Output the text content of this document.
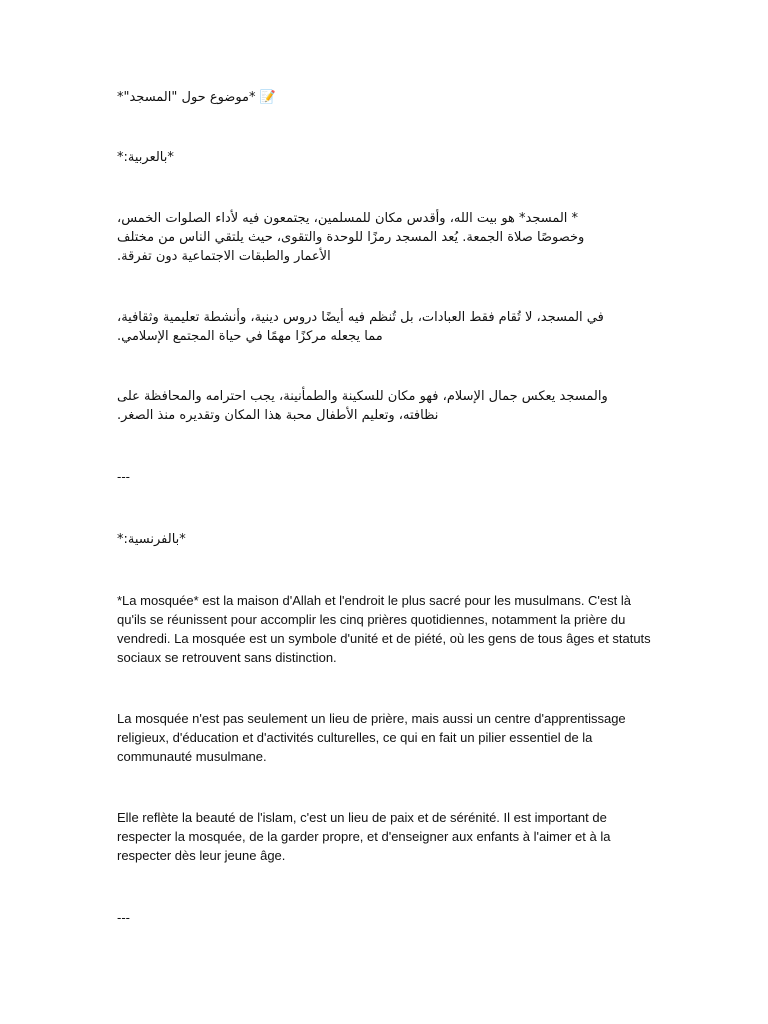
📝 *موضوع حول "المسجد"*
*بالعربية:*
* المسجد* هو بيت الله، وأقدس مكان للمسلمين، يجتمعون فيه لأداء الصلوات الخمس،
وخصوصًا صلاة الجمعة. يُعد المسجد رمزًا للوحدة والتقوى، حيث يلتقي الناس من مختلف
الأعمار والطبقات الاجتماعية دون تفرقة.
في المسجد، لا تُقام فقط العبادات، بل تُنظم فيه أيضًا دروس دينية، وأنشطة تعليمية وثقافية،
مما يجعله مركزًا مهمًا في حياة المجتمع الإسلامي.
والمسجد يعكس جمال الإسلام، فهو مكان للسكينة والطمأنينة، يجب احترامه والمحافظة على
نظافته، وتعليم الأطفال محبة هذا المكان وتقديره منذ الصغر.
---
*بالفرنسية:*
*La mosquée* est la maison d'Allah et l'endroit le plus sacré pour les musulmans. C'est là
qu'ils se réunissent pour accomplir les cinq prières quotidiennes, notamment la prière du
vendredi. La mosquée est un symbole d'unité et de piété, où les gens de tous âges et statuts
sociaux se retrouvent sans distinction.
La mosquée n'est pas seulement un lieu de prière, mais aussi un centre d'apprentissage
religieux, d'éducation et d'activités culturelles, ce qui en fait un pilier essentiel de la
communauté musulmane.
Elle reflète la beauté de l'islam, c'est un lieu de paix et de sérénité. Il est important de
respecter la mosquée, de la garder propre, et d'enseigner aux enfants à l'aimer et à la
respecter dès leur jeune âge.
---
